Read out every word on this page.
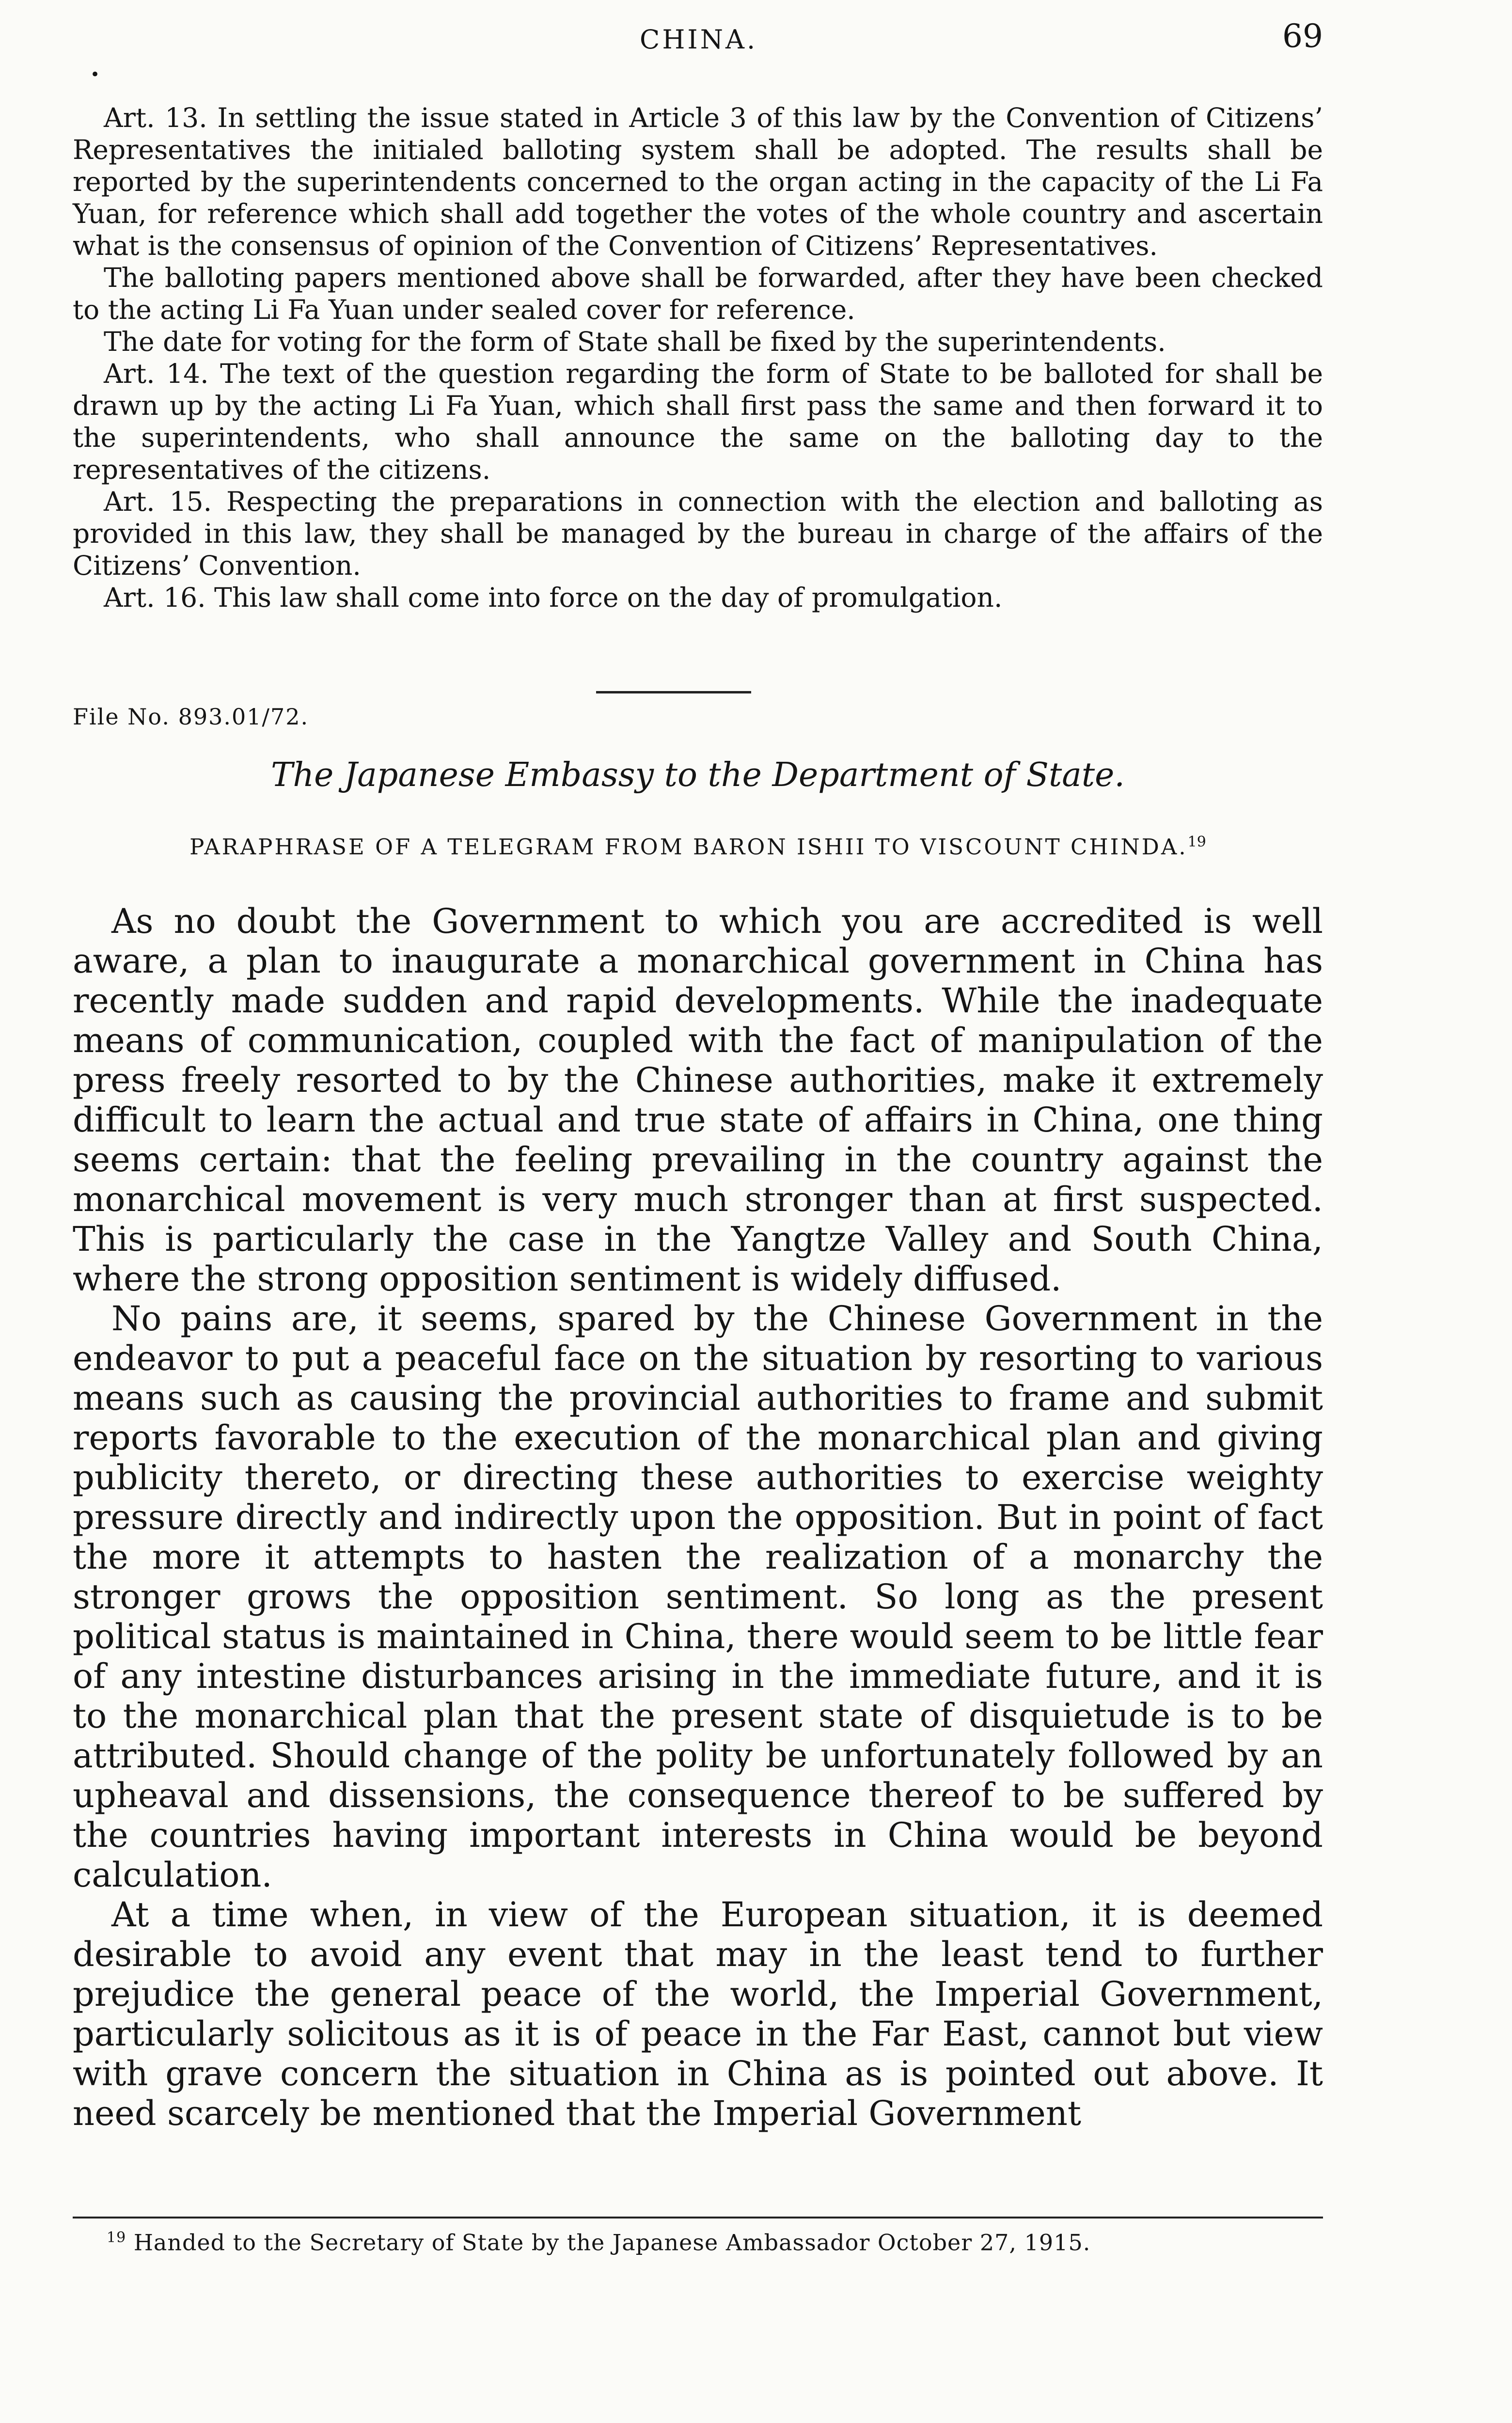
CHINA.	69
•

Art. 13. In settling the issue stated in Article 3 of this law by the Convention of Citizens’ Representatives the initialed balloting system shall be adopted. The results shall be reported by the superintendents concerned to the organ acting in the capacity of the Li Fa Yuan, for reference which shall add together the votes of the whole country and ascertain what is the consensus of opinion of the Convention of Citizens’ Representatives.

The balloting papers mentioned above shall be forwarded, after they have been checked to the acting Li Fa Yuan under sealed cover for reference.

The date for voting for the form of State shall be fixed by the superintendents.

Art. 14. The text of the question regarding the form of State to be balloted for shall be drawn up by the acting Li Fa Yuan, which shall first pass the same and then forward it to the superintendents, who shall announce the same on the balloting day to the representatives of the citizens.

Art. 15. Respecting the preparations in connection with the election and balloting as provided in this law, they shall be managed by the bureau in charge of the affairs of the Citizens’ Convention.

Art. 16. This law shall come into force on the day of promulgation.

File No. 893.01/72.
The Japanese Embassy to the Department of State.
PARAPHRASE OF A TELEGRAM FROM BARON ISHII TO VISCOUNT CHINDA.$^{19}$

As no doubt the Government to which you are accredited is well aware, a plan to inaugurate a monarchical government in China has recently made sudden and rapid developments. While the inadequate means of communication, coupled with the fact of manipulation of the press freely resorted to by the Chinese authorities, make it extremely difficult to learn the actual and true state of affairs in China, one thing seems certain: that the feeling prevailing in the country against the monarchical movement is very much stronger than at first suspected. This is particularly the case in the Yangtze Valley and South China, where the strong opposition sentiment is widely diffused.

No pains are, it seems, spared by the Chinese Government in the endeavor to put a peaceful face on the situation by resorting to various means such as causing the provincial authorities to frame and submit reports favorable to the execution of the monarchical plan and giving publicity thereto, or directing these authorities to exercise weighty pressure directly and indirectly upon the opposition. But in point of fact the more it attempts to hasten the realization of a monarchy the stronger grows the opposition sentiment. So long as the present political status is maintained in China, there would seem to be little fear of any intestine disturbances arising in the immediate future, and it is to the monarchical plan that the present state of disquietude is to be attributed. Should change of the polity be unfortunately followed by an upheaval and dissensions, the consequence thereof to be suffered by the countries having important interests in China would be beyond calculation.

At a time when, in view of the European situation, it is deemed desirable to avoid any event that may in the least tend to further prejudice the general peace of the world, the Imperial Government, particularly solicitous as it is of peace in the Far East, cannot but view with grave concern the situation in China as is pointed out above. It need scarcely be mentioned that the Imperial Government

$^{19}$ Handed to the Secretary of State by the Japanese Ambassador October 27, 1915.
